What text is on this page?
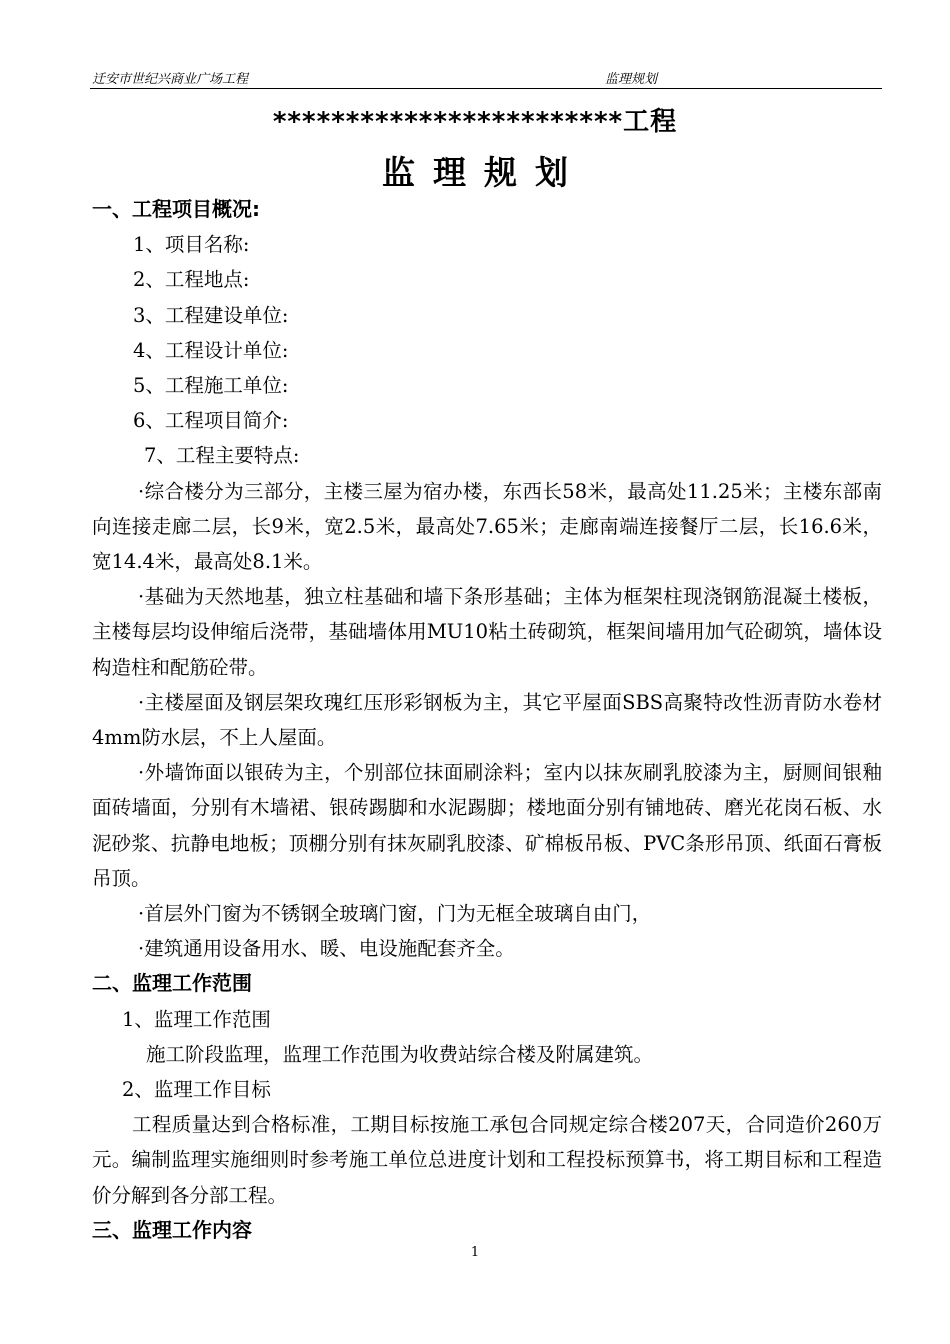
迁安市世纪兴商业广场工程	监理规划
************************工程
监理规划
一、工程项目概况:
1、项目名称:
2、工程地点:
3、工程建设单位:
4、工程设计单位:
5、工程施工单位:
6、工程项目简介:
7、工程主要特点:
·综合楼分为三部分，主楼三屋为宿办楼，东西长58米，最高处11.25米；主楼东部南向连接走廊二层，长9米，宽2.5米，最高处7.65米；走廊南端连接餐厅二层，长16.6米，宽14.4米，最高处8.1米。
·基础为天然地基，独立柱基础和墙下条形基础；主体为框架柱现浇钢筋混凝土楼板，主楼每层均设伸缩后浇带，基础墙体用MU10粘土砖砌筑，框架间墙用加气砼砌筑，墙体设构造柱和配筋砼带。
·主楼屋面及钢层架玫瑰红压形彩钢板为主，其它平屋面SBS高聚特改性沥青防水卷材4mm防水层，不上人屋面。
·外墙饰面以银砖为主，个别部位抹面刷涂料；室内以抹灰刷乳胶漆为主，厨厕间银釉面砖墙面，分别有木墙裙、银砖踢脚和水泥踢脚；楼地面分别有铺地砖、磨光花岗石板、水泥砂浆、抗静电地板；顶棚分别有抹灰刷乳胶漆、矿棉板吊板、PVC条形吊顶、纸面石膏板吊顶。
·首层外门窗为不锈钢全玻璃门窗，门为无框全玻璃自由门，
·建筑通用设备用水、暖、电设施配套齐全。
二、监理工作范围
1、监理工作范围
施工阶段监理，监理工作范围为收费站综合楼及附属建筑。
2、监理工作目标
工程质量达到合格标准，工期目标按施工承包合同规定综合楼207天，合同造价260万元。编制监理实施细则时参考施工单位总进度计划和工程投标预算书，将工期目标和工程造价分解到各分部工程。
三、监理工作内容
1
